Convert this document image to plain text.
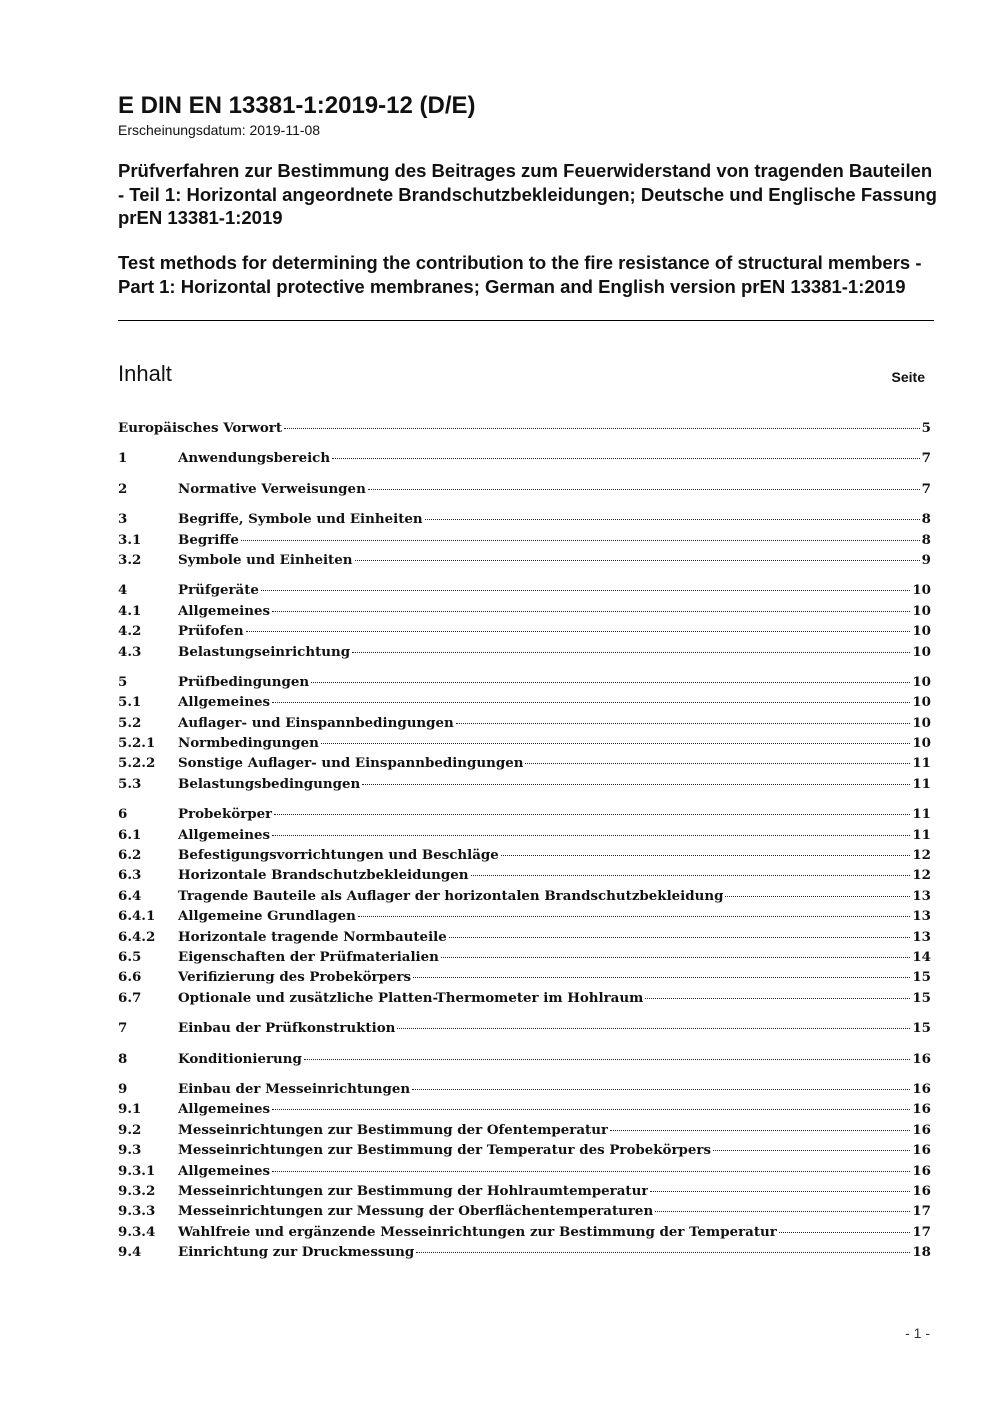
E DIN EN 13381-1:2019-12 (D/E)
Erscheinungsdatum: 2019-11-08
Prüfverfahren zur Bestimmung des Beitrages zum Feuerwiderstand von tragenden Bauteilen - Teil 1: Horizontal angeordnete Brandschutzbekleidungen; Deutsche und Englische Fassung prEN 13381-1:2019
Test methods for determining the contribution to the fire resistance of structural members - Part 1: Horizontal protective membranes; German and English version prEN 13381-1:2019
Inhalt	Seite
Europäisches Vorwort	5
1	Anwendungsbereich	7
2	Normative Verweisungen	7
3	Begriffe, Symbole und Einheiten	8
3.1	Begriffe	8
3.2	Symbole und Einheiten	9
4	Prüfgeräte	10
4.1	Allgemeines	10
4.2	Prüfofen	10
4.3	Belastungseinrichtung	10
5	Prüfbedingungen	10
5.1	Allgemeines	10
5.2	Auflager- und Einspannbedingungen	10
5.2.1	Normbedingungen	10
5.2.2	Sonstige Auflager- und Einspannbedingungen	11
5.3	Belastungsbedingungen	11
6	Probekörper	11
6.1	Allgemeines	11
6.2	Befestigungsvorrichtungen und Beschläge	12
6.3	Horizontale Brandschutzbekleidungen	12
6.4	Tragende Bauteile als Auflager der horizontalen Brandschutzbekleidung	13
6.4.1	Allgemeine Grundlagen	13
6.4.2	Horizontale tragende Normbauteile	13
6.5	Eigenschaften der Prüfmaterialien	14
6.6	Verifizierung des Probekörpers	15
6.7	Optionale und zusätzliche Platten-Thermometer im Hohlraum	15
7	Einbau der Prüfkonstruktion	15
8	Konditionierung	16
9	Einbau der Messeinrichtungen	16
9.1	Allgemeines	16
9.2	Messeinrichtungen zur Bestimmung der Ofentemperatur	16
9.3	Messeinrichtungen zur Bestimmung der Temperatur des Probekörpers	16
9.3.1	Allgemeines	16
9.3.2	Messeinrichtungen zur Bestimmung der Hohlraumtemperatur	16
9.3.3	Messeinrichtungen zur Messung der Oberflächentemperaturen	17
9.3.4	Wahlfreie und ergänzende Messeinrichtungen zur Bestimmung der Temperatur	17
9.4	Einrichtung zur Druckmessung	18
- 1 -
